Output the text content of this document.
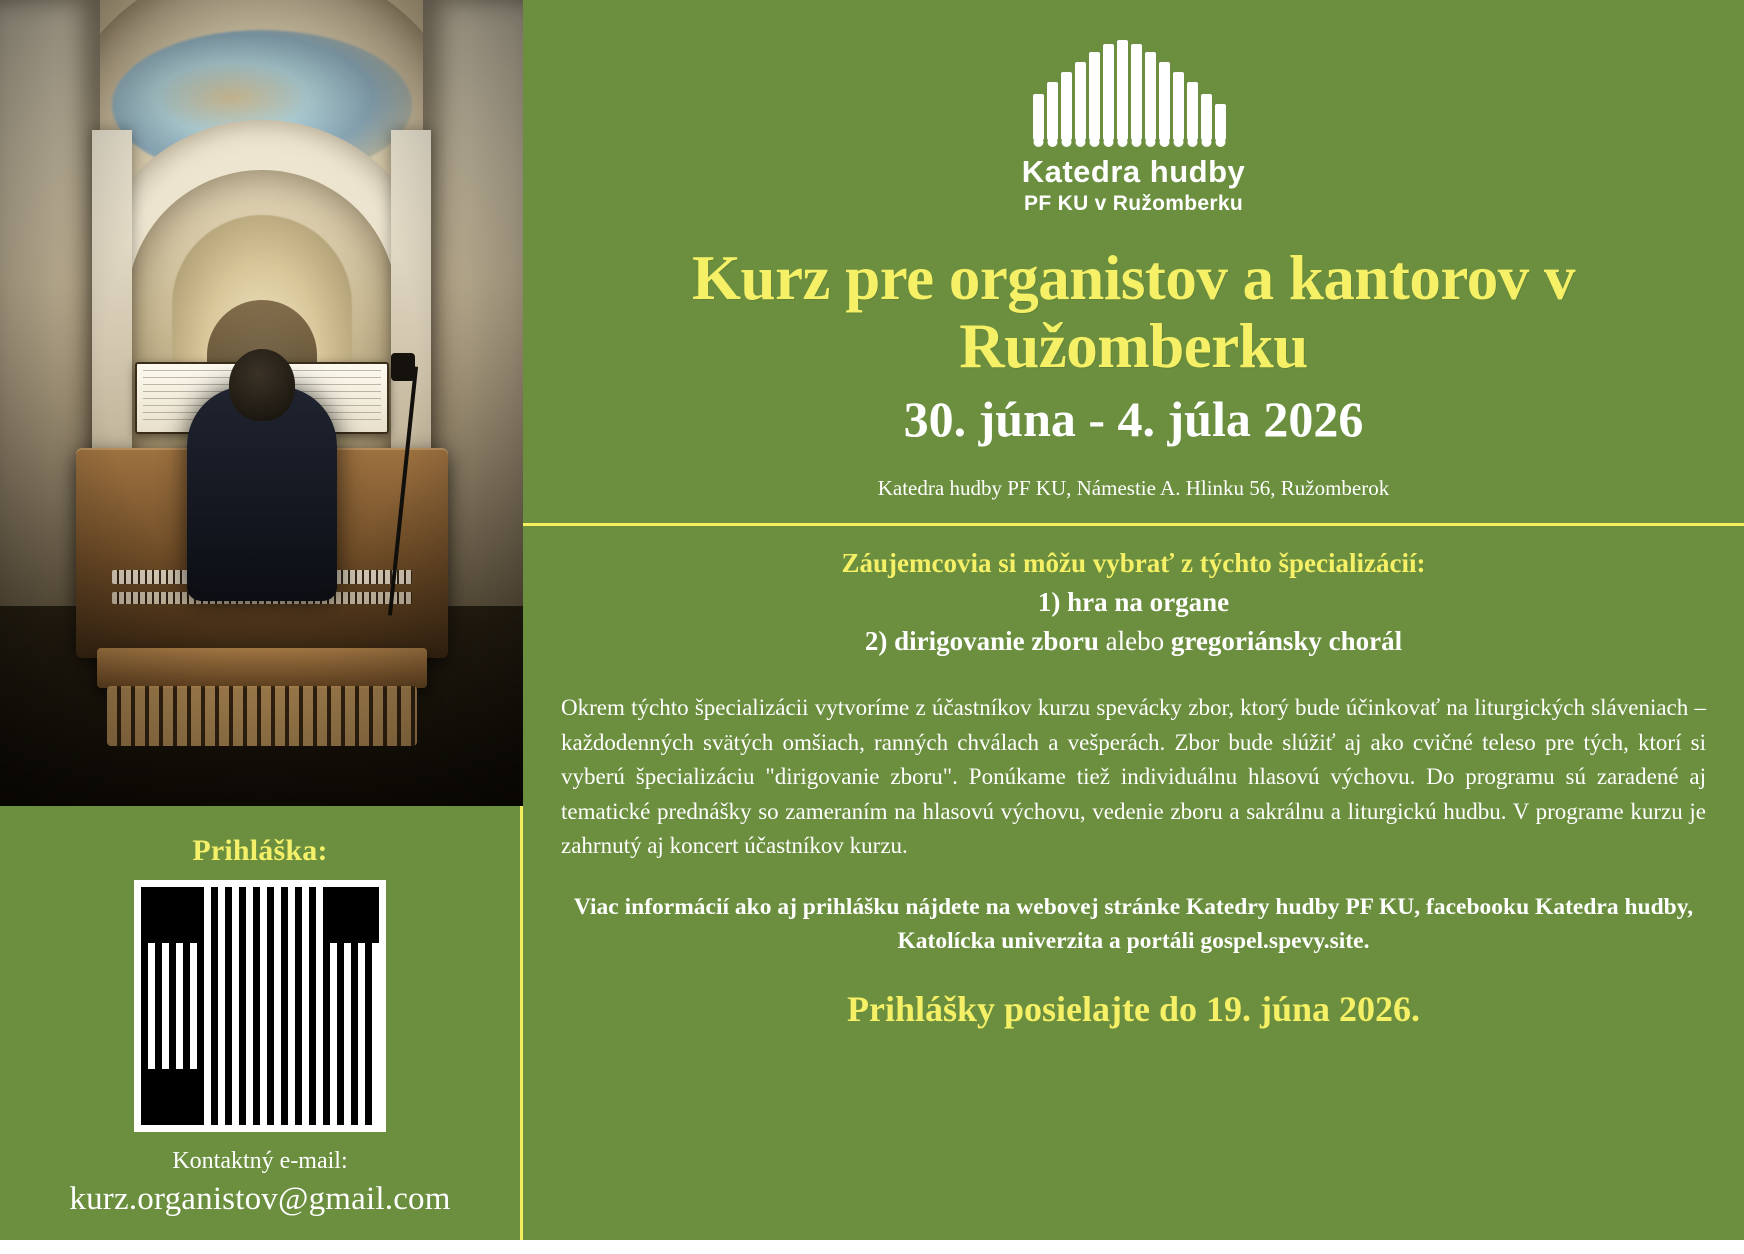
Prihláška:
Kontaktný e-mail:
kurz.organistov@gmail.com
Katedra hudby
PF KU v Ružomberku
Kurz pre organistov a kantorov v Ružomberku
30. júna - 4. júla 2026
Katedra hudby PF KU, Námestie A. Hlinku 56, Ružomberok
Záujemcovia si môžu vybrať z týchto špecializácií:
1) hra na organe
2) dirigovanie zboru alebo gregoriánsky chorál
Okrem týchto špecializácii vytvoríme z účastníkov kurzu spevácky zbor, ktorý bude účinkovať na liturgických sláveniach – každodenných svätých omšiach, ranných chválach a vešperách. Zbor bude slúžiť aj ako cvičné teleso pre tých, ktorí si vyberú špecializáciu "dirigovanie zboru". Ponúkame tiež individuálnu hlasovú výchovu. Do programu sú zaradené aj tematické prednášky so zameraním na hlasovú výchovu, vedenie zboru a sakrálnu a liturgickú hudbu. V programe kurzu je zahrnutý aj koncert účastníkov kurzu.
Viac informácií ako aj prihlášku nájdete na webovej stránke Katedry hudby PF KU, facebooku Katedra hudby, Katolícka univerzita a portáli gospel.spevy.site.
Prihlášky posielajte do 19. júna 2026.
